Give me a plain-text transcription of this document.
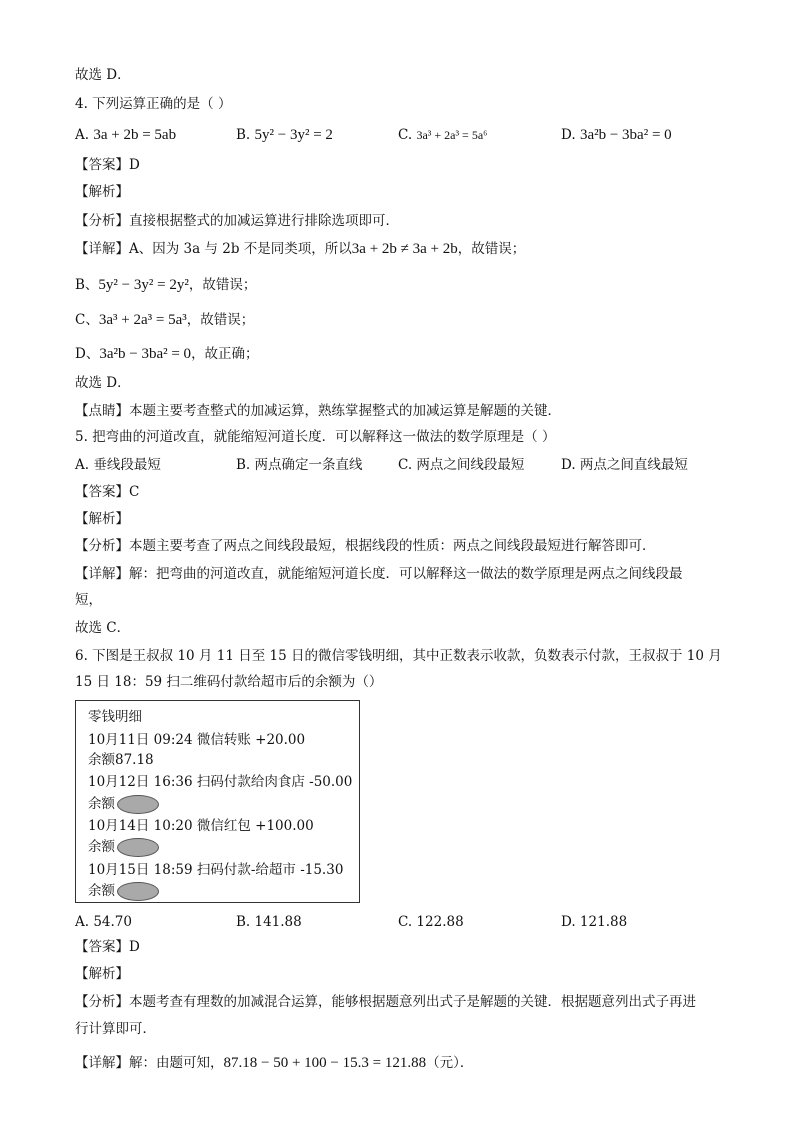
故选 D．
4. 下列运算正确的是（ ）
A. 3a + 2b = 5ab	B. 5y² − 3y² = 2	C. 3a³ + 2a³ = 5a⁶	D. 3a²b − 3ba² = 0
【答案】D
【解析】
【分析】直接根据整式的加减运算进行排除选项即可．
【详解】A、因为 3a 与 2b 不是同类项，所以3a + 2b ≠ 3a + 2b，故错误；
B、5y² − 3y² = 2y²，故错误；
C、3a³ + 2a³ = 5a³，故错误；
D、3a²b − 3ba² = 0，故正确；
故选 D．
【点睛】本题主要考查整式的加减运算，熟练掌握整式的加减运算是解题的关键．
5. 把弯曲的河道改直，就能缩短河道长度．可以解释这一做法的数学原理是（ ）
A. 垂线段最短	B. 两点确定一条直线	C. 两点之间线段最短	D. 两点之间直线最短
【答案】C
【解析】
【分析】本题主要考查了两点之间线段最短，根据线段的性质：两点之间线段最短进行解答即可．
【详解】解：把弯曲的河道改直，就能缩短河道长度．可以解释这一做法的数学原理是两点之间线段最
短，
故选 C．
6. 下图是王叔叔 10 月 11 日至 15 日的微信零钱明细，其中正数表示收款，负数表示付款，王叔叔于 10 月
15 日 18：59 扫二维码付款给超市后的余额为（）
零钱明细
10月11日 09:24 微信转账 +20.00
余额87.18
10月12日 16:36 扫码付款给肉食店 -50.00
余额
10月14日 10:20 微信红包 +100.00
余额
10月15日 18:59 扫码付款-给超市 -15.30
余额
A. 54.70	B. 141.88	C. 122.88	D. 121.88
【答案】D
【解析】
【分析】本题考查有理数的加减混合运算，能够根据题意列出式子是解题的关键．根据题意列出式子再进
行计算即可．
【详解】解：由题可知，87.18 − 50 + 100 − 15.3 = 121.88（元）．
